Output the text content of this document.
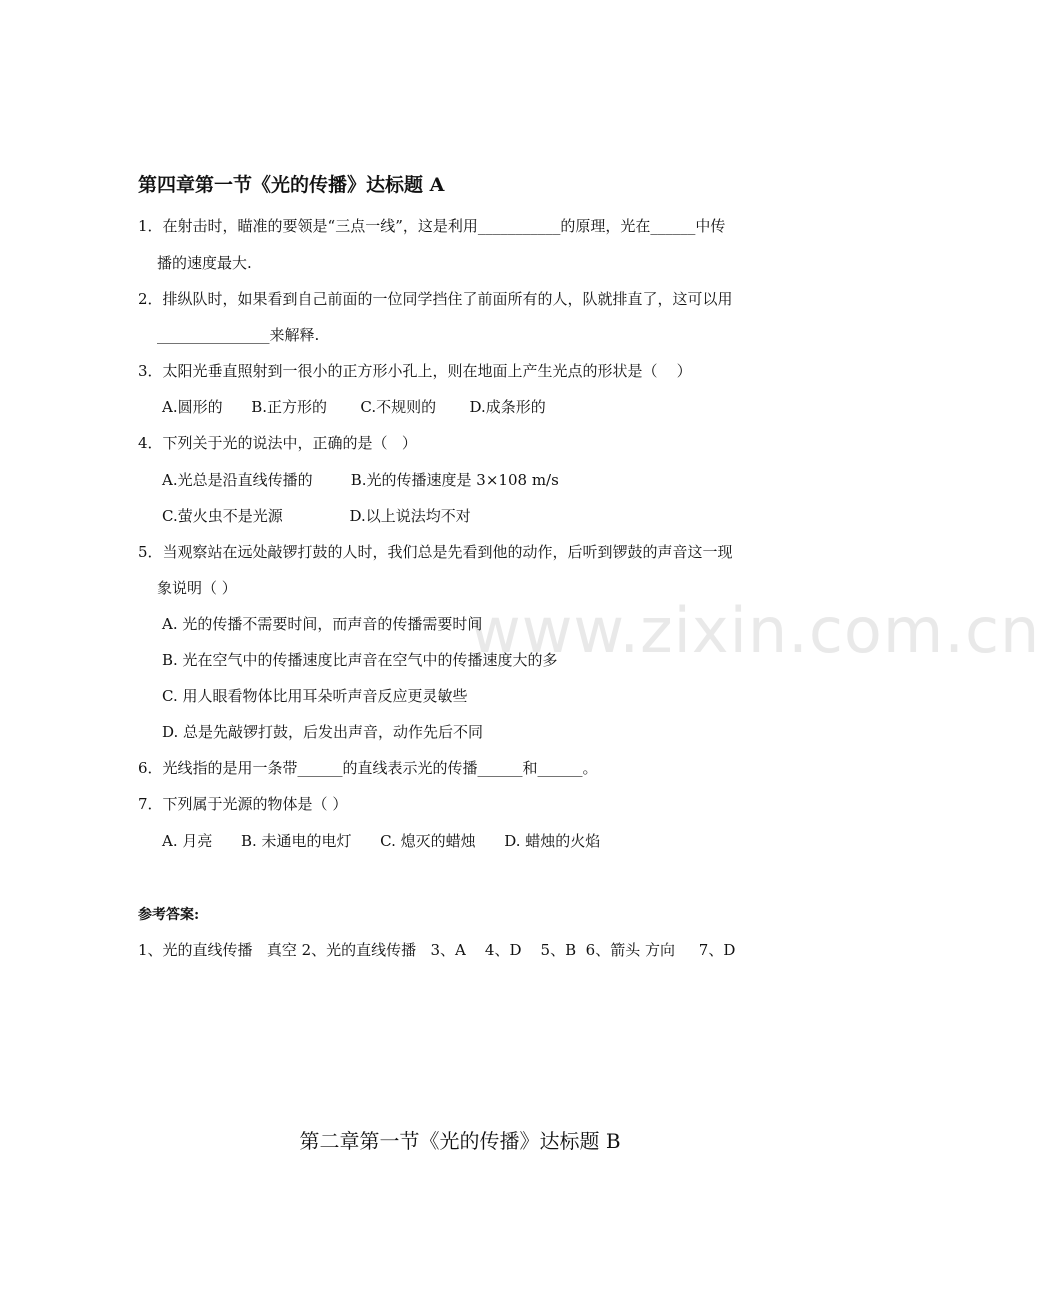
www.zixin.com.cn
第四章第一节《光的传播》达标题 A
1．在射击时，瞄准的要领是“三点一线”，这是利用___________的原理，光在______中传
播的速度最大.
2．排纵队时，如果看到自己前面的一位同学挡住了前面所有的人，队就排直了，这可以用
_______________来解释.
3．太阳光垂直照射到一很小的正方形小孔上，则在地面上产生光点的形状是（    ）
A.圆形的      B.正方形的       C.不规则的       D.成条形的
4．下列关于光的说法中，正确的是（   ）
A.光总是沿直线传播的        B.光的传播速度是 3×108 m/s
C.萤火虫不是光源              D.以上说法均不对
5．当观察站在远处敲锣打鼓的人时，我们总是先看到他的动作，后听到锣鼓的声音这一现
象说明（ ）
A. 光的传播不需要时间，而声音的传播需要时间
B. 光在空气中的传播速度比声音在空气中的传播速度大的多
C. 用人眼看物体比用耳朵听声音反应更灵敏些
D. 总是先敲锣打鼓，后发出声音，动作先后不同
6．光线指的是用一条带______的直线表示光的传播______和______。
7．下列属于光源的物体是（ ）
A. 月亮      B. 未通电的电灯      C. 熄灭的蜡烛      D. 蜡烛的火焰
参考答案:
1、光的直线传播   真空 2、光的直线传播   3、A    4、D    5、B  6、箭头 方向     7、D
第二章第一节《光的传播》达标题 B
